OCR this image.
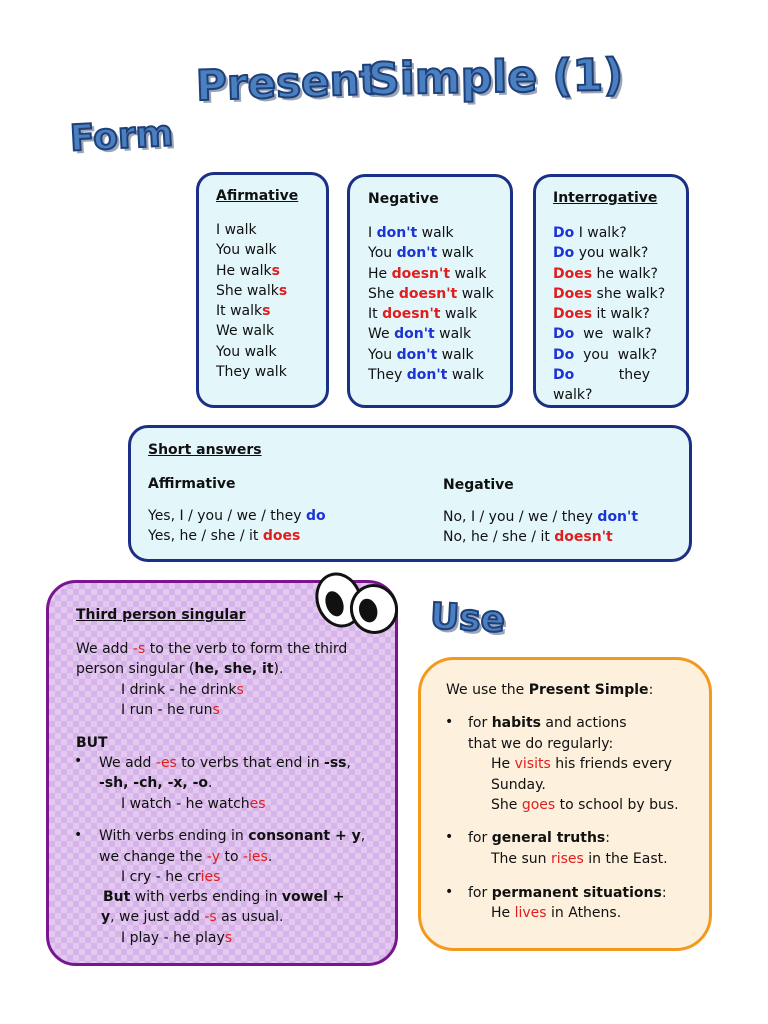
Present
Simple (1)
Form
Afirmative
I walk
You walk
He walks
She walks
It walks
We walk
You walk
They walk
Negative
I don't walk
You don't walk
He doesn't walk
She doesn't walk
It doesn't walk
We don't walk
You don't walk
They don't walk
Interrogative
Do I walk?
Do you walk?
Does he walk?
Does she walk?
Does it walk?
Do  we  walk?
Do  you  walk?
Do          they
walk?
Short answers
Affirmative	Negative
Yes, I / you / we / they do
Yes, he / she / it does
No, I / you / we / they don't
No, he / she / it doesn't
Third person singular
We add -s to the verb to form the third
person singular (he, she, it).
I drink - he drinks
I run - he runs
BUT
• We add -es to verbs that end in -ss,
-sh, -ch, -x, -o.
I watch - he watches
• With verbs ending in consonant + y,
we change the -y to -ies.
I cry - he cries
But with verbs ending in vowel +
y, we just add -s as usual.
I play - he plays
Use
We use the Present Simple:
• for habits and actions
that we do regularly:
He visits his friends every
Sunday.
She goes to school by bus.
• for general truths:
The sun rises in the East.
• for permanent situations:
He lives in Athens.
